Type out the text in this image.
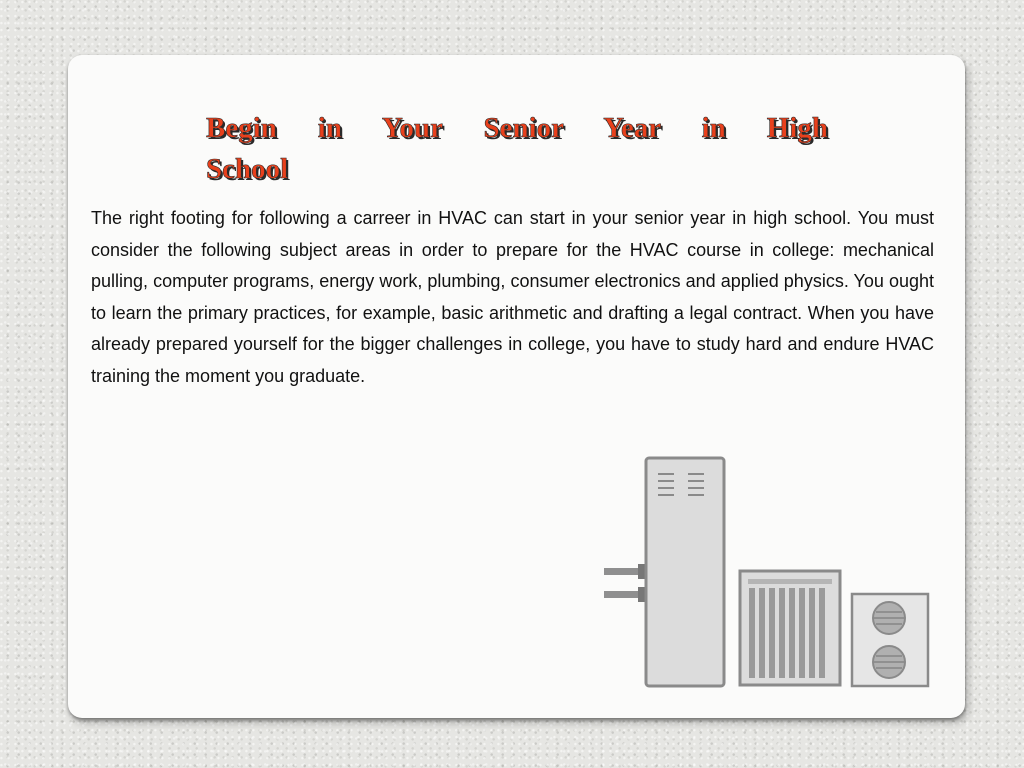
Begin in Your Senior Year in High
School

The right footing for following a carreer in HVAC can start in your senior year in high school. You must consider the following subject areas in order to prepare for the HVAC course in college: mechanical pulling, computer programs, energy work, plumbing, consumer electronics and applied physics. You ought to learn the primary practices, for example, basic arithmetic and drafting a legal contract. When you have already prepared yourself for the bigger challenges in college, you have to study hard and endure HVAC training the moment you graduate.
